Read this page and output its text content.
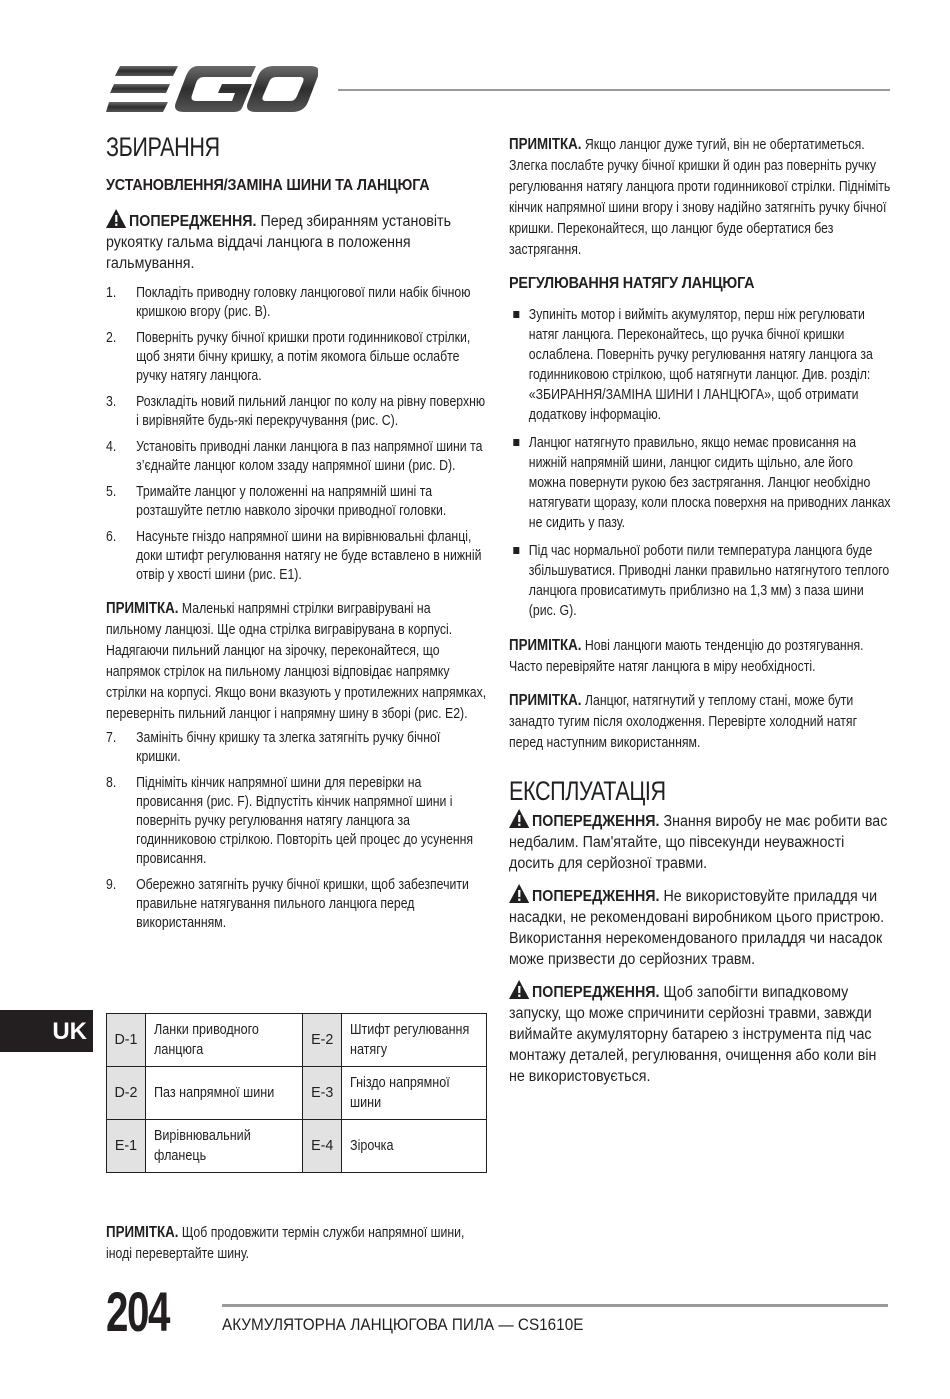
ЗБИРАННЯ
УСТАНОВЛЕННЯ/ЗАМІНА ШИНИ ТА ЛАНЦЮГА

ПОПЕРЕДЖЕННЯ. Перед збиранням установіть рукоятку гальма віддачі ланцюга в положення гальмування.

1. Покладіть приводну головку ланцюгової пили набік бічною кришкою вгору (рис. B).
2. Поверніть ручку бічної кришки проти годинникової стрілки, щоб зняти бічну кришку, а потім якомога більше ослабте ручку натягу ланцюга.
3. Розкладіть новий пильний ланцюг по колу на рівну поверхню і вирівняйте будь-які перекручування (рис. C).
4. Установіть приводні ланки ланцюга в паз напрямної шини та з’єднайте ланцюг колом ззаду напрямної шини (рис. D).
5. Тримайте ланцюг у положенні на напрямній шині та розташуйте петлю навколо зірочки приводної головки.
6. Насуньте гніздо напрямної шини на вирівнювальні фланці, доки штифт регулювання натягу не буде вставлено в нижній отвір у хвості шини (рис. E1).

ПРИМІТКА. Маленькі напрямні стрілки вигравірувані на пильному ланцюзі. Ще одна стрілка вигравірувана в корпусі. Надягаючи пильний ланцюг на зірочку, переконайтеся, що напрямок стрілок на пильному ланцюзі відповідає напрямку стрілки на корпусі. Якщо вони вказують у протилежних напрямках, переверніть пильний ланцюг і напрямну шину в зборі (рис. E2).

7. Замініть бічну кришку та злегка затягніть ручку бічної кришки.
8. Підніміть кінчик напрямної шини для перевірки на провисання (рис. F). Відпустіть кінчик напрямної шини і поверніть ручку регулювання натягу ланцюга за годинниковою стрілкою. Повторіть цей процес до усунення провисання.
9. Обережно затягніть ручку бічної кришки, щоб забезпечити правильне натягування пильного ланцюга перед використанням.
D-1	Ланки приводного ланцюга	E-2	Штифт регулювання натягу
D-2	Паз напрямної шини	E-3	Гніздо напрямної шини
E-1	Вирівнювальний фланець	E-4	Зірочка

ПРИМІТКА. Щоб продовжити термін служби напрямної шини, іноді перевертайте шину.

ПРИМІТКА. Якщо ланцюг дуже тугий, він не обертатиметься. Злегка послабте ручку бічної кришки й один раз поверніть ручку регулювання натягу ланцюга проти годинникової стрілки. Підніміть кінчик напрямної шини вгору і знову надійно затягніть ручку бічної кришки. Переконайтеся, що ланцюг буде обертатися без застрягання.

РЕГУЛЮВАННЯ НАТЯГУ ЛАНЦЮГА
Зупиніть мотор і вийміть акумулятор, перш ніж регулювати натяг ланцюга. Переконайтесь, що ручка бічної кришки ослаблена. Поверніть ручку регулювання натягу ланцюга за годинниковою стрілкою, щоб натягнути ланцюг. Див. розділ: «ЗБИРАННЯ/ЗАМІНА ШИНИ І ЛАНЦЮГА», щоб отримати додаткову інформацію.
Ланцюг натягнуто правильно, якщо немає провисання на нижній напрямній шини, ланцюг сидить щільно, але його можна повернути рукою без застрягання. Ланцюг необхідно натягувати щоразу, коли плоска поверхня на приводних ланках не сидить у пазу.
Під час нормальної роботи пили температура ланцюга буде збільшуватися. Приводні ланки правильно натягнутого теплого ланцюга провисатимуть приблизно на 1,3 мм) з паза шини (рис. G).

ПРИМІТКА. Нові ланцюги мають тенденцію до розтягування. Часто перевіряйте натяг ланцюга в міру необхідності.

ПРИМІТКА. Ланцюг, натягнутий у теплому стані, може бути занадто тугим після охолодження. Перевірте холодний натяг перед наступним використанням.

ЕКСПЛУАТАЦІЯ

ПОПЕРЕДЖЕННЯ. Знання виробу не має робити вас недбалим. Пам'ятайте, що півсекунди неуважності досить для серйозної травми.

ПОПЕРЕДЖЕННЯ. Не використовуйте приладдя чи насадки, не рекомендовані виробником цього пристрою. Використання нерекомендованого приладдя чи насадок може призвести до серйозних травм.

ПОПЕРЕДЖЕННЯ. Щоб запобігти випадковому запуску, що може спричинити серйозні травми, завжди виймайте акумуляторну батарею з інструмента під час монтажу деталей, регулювання, очищення або коли він не використовується.

UK
204	АКУМУЛЯТОРНА ЛАНЦЮГОВА ПИЛА — CS1610E
